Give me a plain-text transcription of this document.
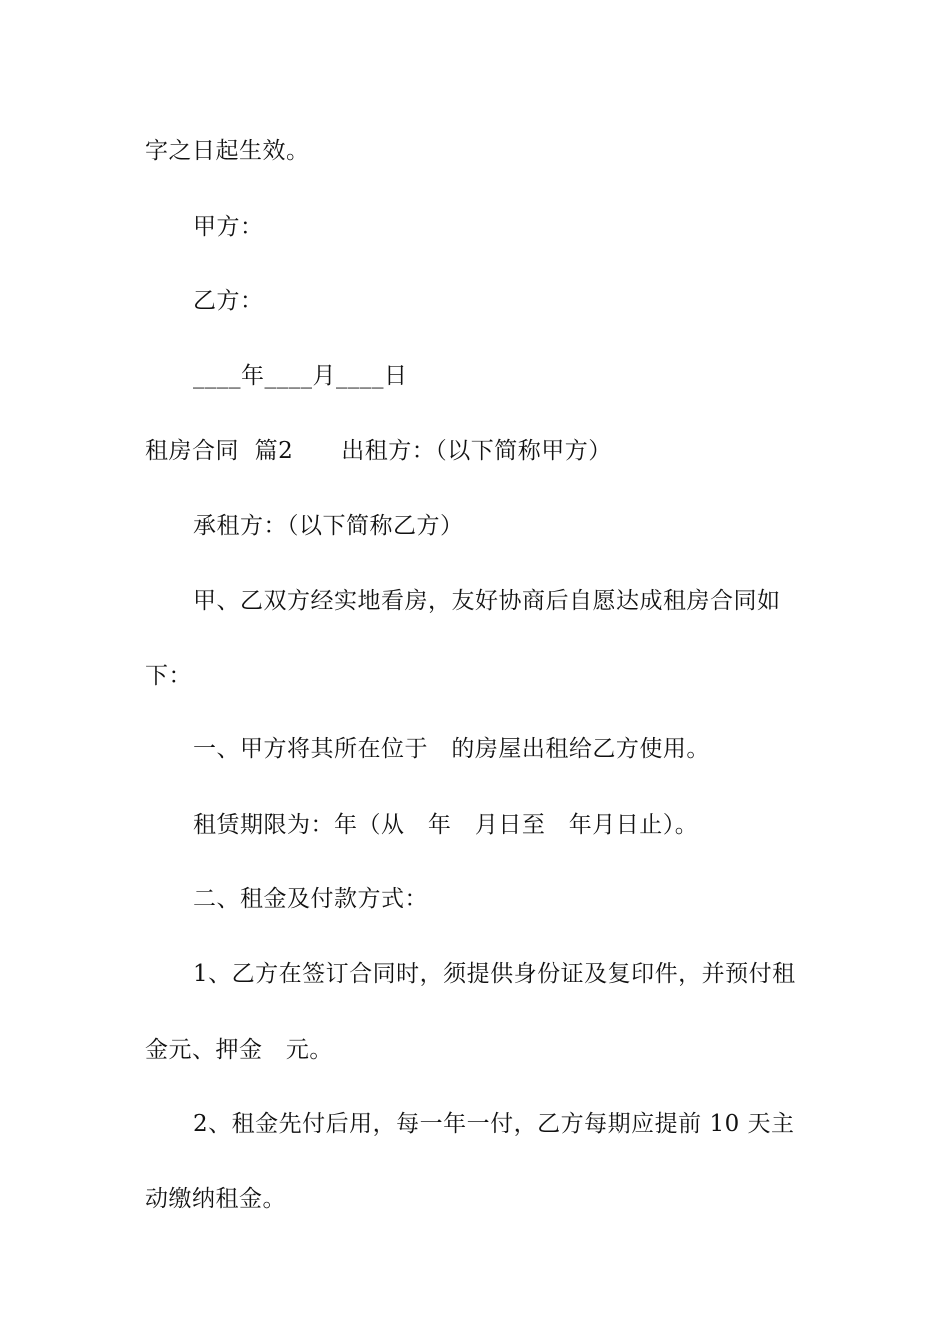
字之日起生效。
甲方：
乙方：
____年____月____日
租房合同  篇2 出租方：（以下简称甲方）
承租方：（以下简称乙方）
甲、乙双方经实地看房，友好协商后自愿达成租房合同如
下：
一、甲方将其所在位于   的房屋出租给乙方使用。
租赁期限为：年（从   年   月日至   年月日止）。
二、租金及付款方式：
1、乙方在签订合同时，须提供身份证及复印件，并预付租
金元、押金   元。
2、租金先付后用，每一年一付，乙方每期应提前 10 天主
动缴纳租金。
